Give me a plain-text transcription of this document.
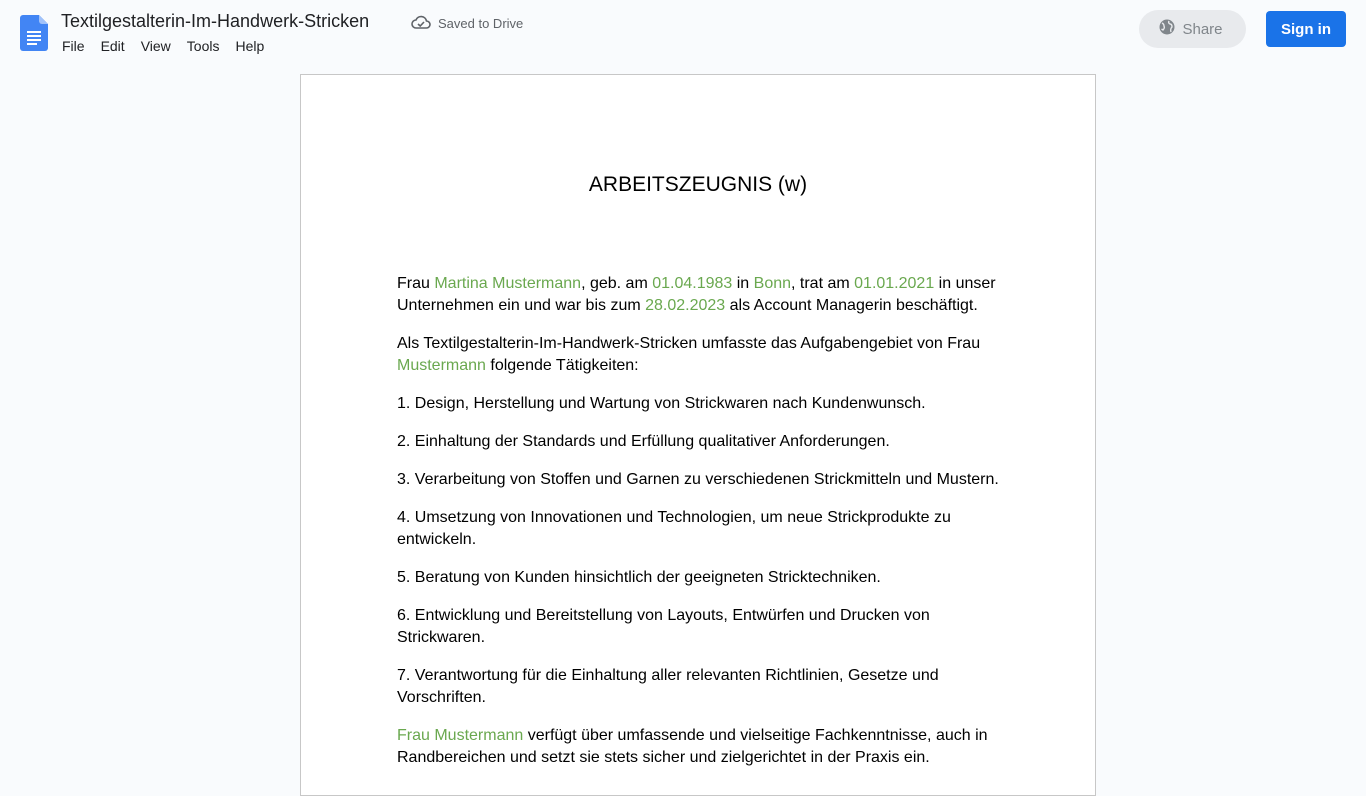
Textilgestalterin-Im-Handwerk-Stricken	Saved to Drive
File	Edit	View	Tools	Help
Share	Sign in
ARBEITSZEUGNIS (w)

Frau Martina Mustermann, geb. am 01.04.1983 in Bonn, trat am 01.01.2021 in unser Unternehmen ein und war bis zum 28.02.2023 als Account Managerin beschäftigt.

Als Textilgestalterin-Im-Handwerk-Stricken umfasste das Aufgabengebiet von Frau Mustermann folgende Tätigkeiten:

1. Design, Herstellung und Wartung von Strickwaren nach Kundenwunsch.

2. Einhaltung der Standards und Erfüllung qualitativer Anforderungen.

3. Verarbeitung von Stoffen und Garnen zu verschiedenen Strickmitteln und Mustern.

4. Umsetzung von Innovationen und Technologien, um neue Strickprodukte zu entwickeln.

5. Beratung von Kunden hinsichtlich der geeigneten Stricktechniken.

6. Entwicklung und Bereitstellung von Layouts, Entwürfen und Drucken von Strickwaren.

7. Verantwortung für die Einhaltung aller relevanten Richtlinien, Gesetze und Vorschriften.

Frau Mustermann verfügt über umfassende und vielseitige Fachkenntnisse, auch in Randbereichen und setzt sie stets sicher und zielgerichtet in der Praxis ein.
